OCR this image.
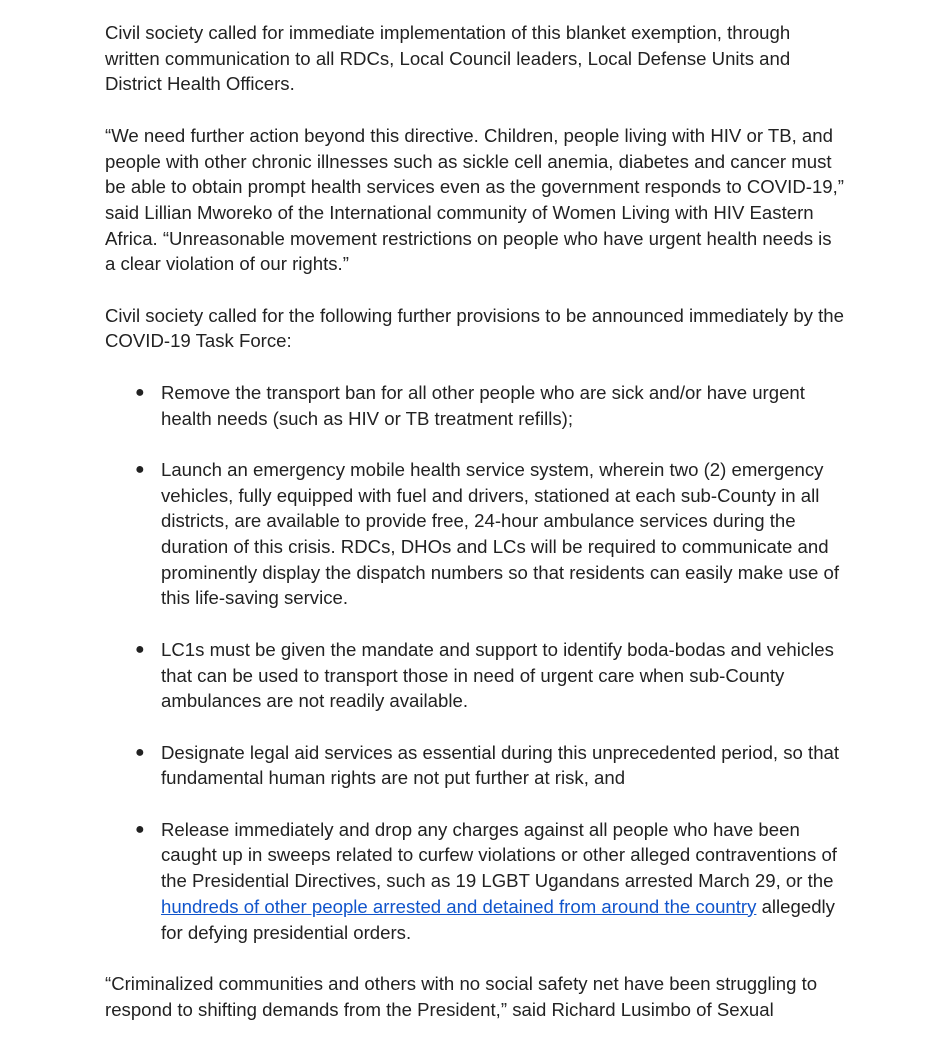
Civil society called for immediate implementation of this blanket exemption, through written communication to all RDCs, Local Council leaders, Local Defense Units and District Health Officers.

“We need further action beyond this directive. Children, people living with HIV or TB, and people with other chronic illnesses such as sickle cell anemia, diabetes and cancer must be able to obtain prompt health services even as the government responds to COVID-19,” said Lillian Mworeko of the International community of Women Living with HIV Eastern Africa. “Unreasonable movement restrictions on people who have urgent health needs is a clear violation of our rights.”

Civil society called for the following further provisions to be announced immediately by the COVID-19 Task Force:

● Remove the transport ban for all other people who are sick and/or have urgent health needs (such as HIV or TB treatment refills);
● Launch an emergency mobile health service system, wherein two (2) emergency vehicles, fully equipped with fuel and drivers, stationed at each sub-County in all districts, are available to provide free, 24-hour ambulance services during the duration of this crisis. RDCs, DHOs and LCs will be required to communicate and prominently display the dispatch numbers so that residents can easily make use of this life-saving service.
● LC1s must be given the mandate and support to identify boda-bodas and vehicles that can be used to transport those in need of urgent care when sub-County ambulances are not readily available.
● Designate legal aid services as essential during this unprecedented period, so that fundamental human rights are not put further at risk, and
● Release immediately and drop any charges against all people who have been caught up in sweeps related to curfew violations or other alleged contraventions of the Presidential Directives, such as 19 LGBT Ugandans arrested March 29, or the hundreds of other people arrested and detained from around the country allegedly for defying presidential orders.

“Criminalized communities and others with no social safety net have been struggling to respond to shifting demands from the President,” said Richard Lusimbo of Sexual
